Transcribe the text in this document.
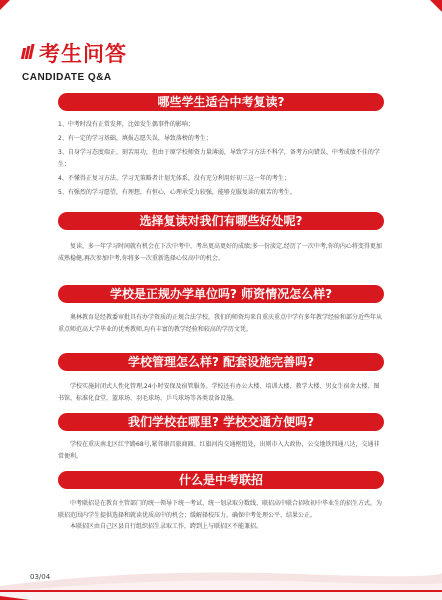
考生问答
CANDIDATE Q&A
哪些学生适合中考复读?

1、中考时没有正常发挥，比如发生偶事件的影响；

2、有一定的学习基础，填报志愿失误，导致落榜的考生；

3、自身学习态度端正、刻苦用功，但由于原学校师资力量薄弱，导致学习方法不科学，备考方向错误、中考成绩不佳的学生；

4、不懂得正复习方法、学习无策略者计划无体系，没有充分利用好初三这一年的考生；

5、有强烈的学习愿望，有理想，有恒心，心理承受力较强，能够克服复读的艰苦的考生。

选择复读对我们有哪些好处呢?

复读，多一年学习时间就有机会在下次中考中，考出更高更好的成绩;多一份淡定,经历了一次中考,你的内心将变得更加成熟稳健,再次参加中考,你将多一次重新选择心仪高中的机会。

学校是正规办学单位吗? 师资情况怎么样?

奥林教育是经教委审批具有办学资质的正规合法学校，我们的师资均来自重庆重点中学有多年教学经验和部分近些年从重点师范高大学毕业的优秀教师,均有丰富的教学经验和较高的学历文凭。

学校管理怎么样? 配套设施完善吗?

学校实施封闭式人性化管理,24小时安保及宿管服务。学校还有办公大楼、培训大楼、教学大楼、男女生宿舍大楼、图书馆、标准化食堂、篮球场、羽毛球场、乒乓球场等各类设备设施。

我们学校在哪里? 学校交通方便吗?

学校在重庆南北区红宇路68号,紧邻康昌旅商圈。红旗河沟交通枢纽处，出则市入大政协，公交地铁四通八达，交通非常便利。

什么是中考联招

中考联招是在教育主管部门的统一领导下统一考试、统一划录取分数线、联招高中联合招收初中毕业生的招生方式。为联招范围内学生提供选择和就读优质高中的机会；缓解择校压力，确保中考处理公平、结果公正。

本联招区由自己区县自行组织招生录取工作，跨到上与联招区不能兼招。

03/04
